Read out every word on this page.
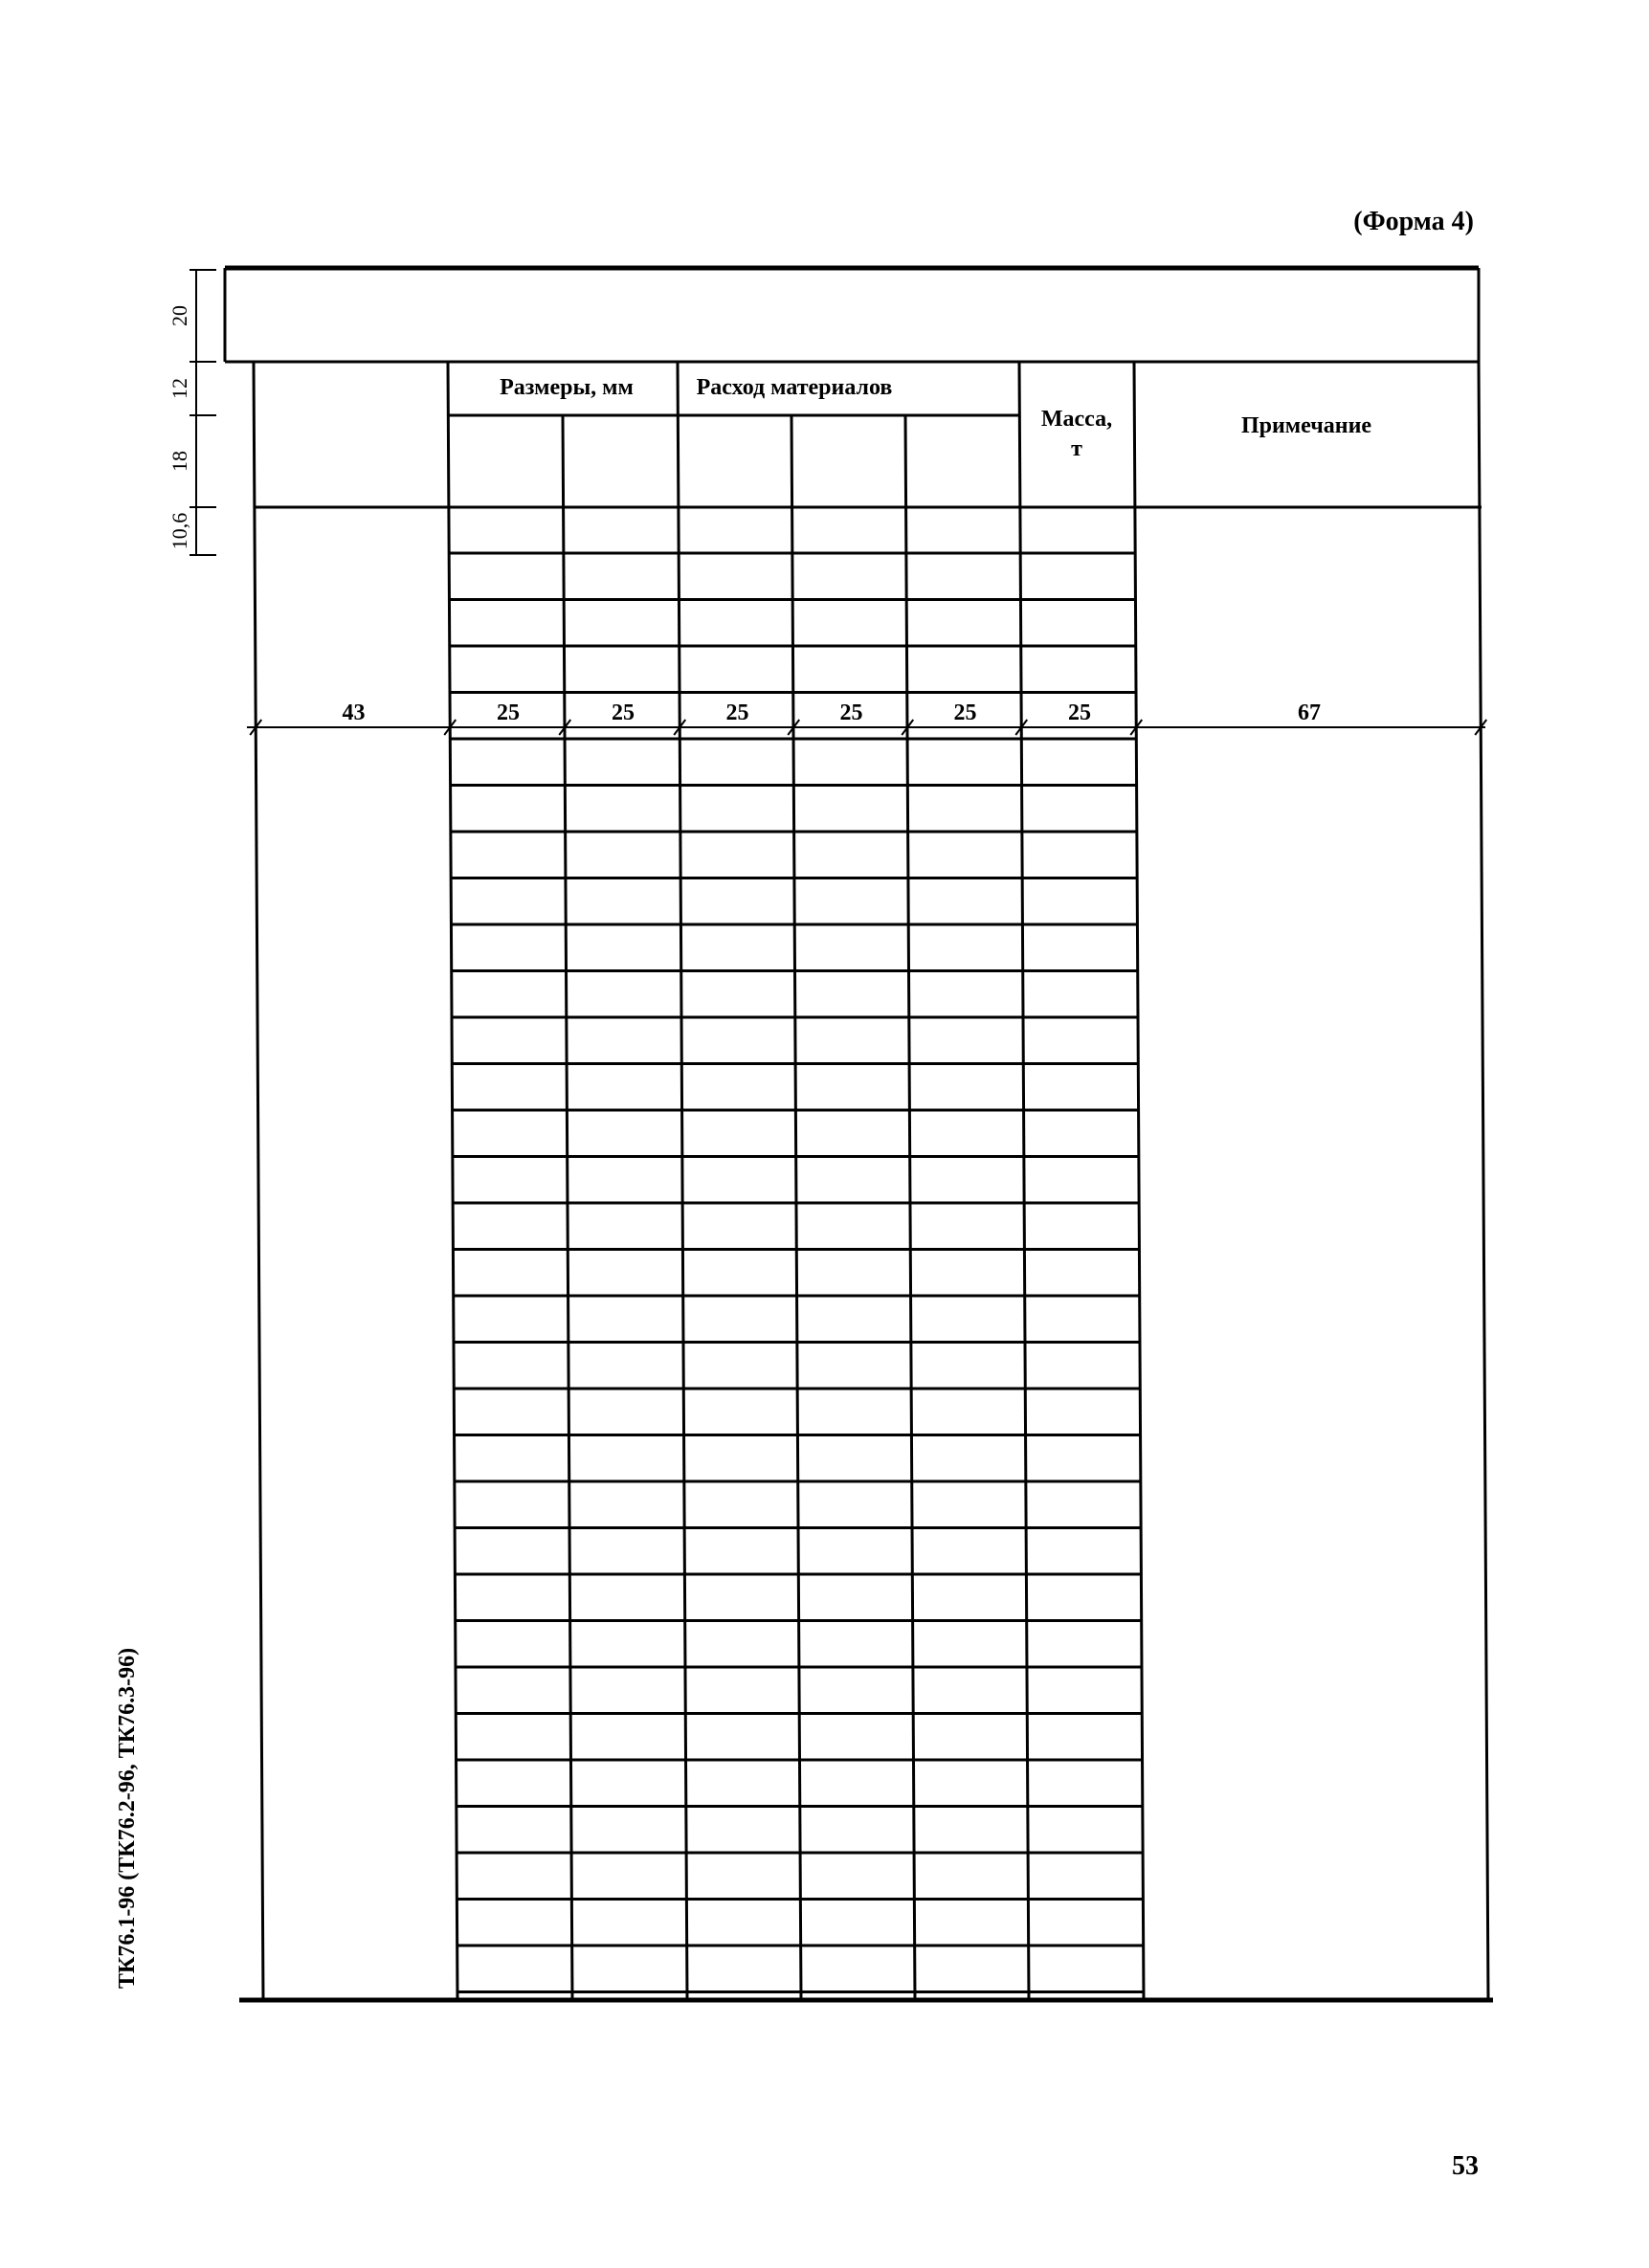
(Форма 4)
20
12
18
10,6
Размеры, мм	Расход материалов
Масса,
т
Примечание
43	25	25	25	25	25	25	67
ТК76.1-96 (ТК76.2-96, ТК76.3-96)
53
